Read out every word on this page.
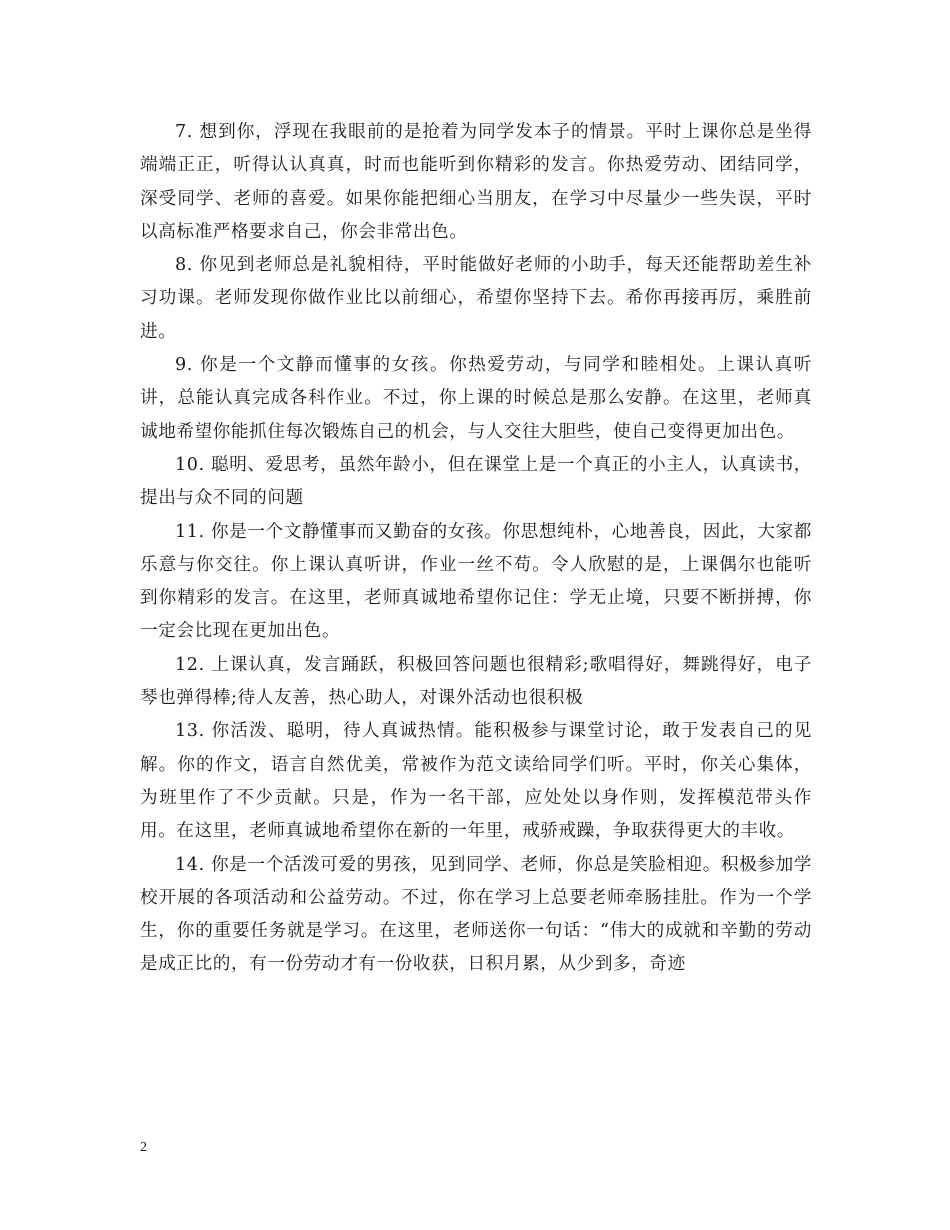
7. 想到你，浮现在我眼前的是抢着为同学发本子的情景。平时上课你总是坐得端端正正，听得认认真真，时而也能听到你精彩的发言。你热爱劳动、团结同学，深受同学、老师的喜爱。如果你能把细心当朋友，在学习中尽量少一些失误，平时以高标准严格要求自己，你会非常出色。

8. 你见到老师总是礼貌相待，平时能做好老师的小助手，每天还能帮助差生补习功课。老师发现你做作业比以前细心，希望你坚持下去。希你再接再厉，乘胜前进。

9. 你是一个文静而懂事的女孩。你热爱劳动，与同学和睦相处。上课认真听讲，总能认真完成各科作业。不过，你上课的时候总是那么安静。在这里，老师真诚地希望你能抓住每次锻炼自己的机会，与人交往大胆些，使自己变得更加出色。

10. 聪明、爱思考，虽然年龄小，但在课堂上是一个真正的小主人，认真读书，提出与众不同的问题

11. 你是一个文静懂事而又勤奋的女孩。你思想纯朴，心地善良，因此，大家都乐意与你交往。你上课认真听讲，作业一丝不苟。令人欣慰的是，上课偶尔也能听到你精彩的发言。在这里，老师真诚地希望你记住：学无止境，只要不断拼搏，你一定会比现在更加出色。

12. 上课认真，发言踊跃，积极回答问题也很精彩;歌唱得好，舞跳得好，电子琴也弹得棒;待人友善，热心助人，对课外活动也很积极

13. 你活泼、聪明，待人真诚热情。能积极参与课堂讨论，敢于发表自己的见解。你的作文，语言自然优美，常被作为范文读给同学们听。平时，你关心集体，为班里作了不少贡献。只是，作为一名干部，应处处以身作则，发挥模范带头作用。在这里，老师真诚地希望你在新的一年里，戒骄戒躁，争取获得更大的丰收。

14. 你是一个活泼可爱的男孩，见到同学、老师，你总是笑脸相迎。积极参加学校开展的各项活动和公益劳动。不过，你在学习上总要老师牵肠挂肚。作为一个学生，你的重要任务就是学习。在这里，老师送你一句话：“伟大的成就和辛勤的劳动是成正比的，有一份劳动才有一份收获，日积月累，从少到多，奇迹

2
